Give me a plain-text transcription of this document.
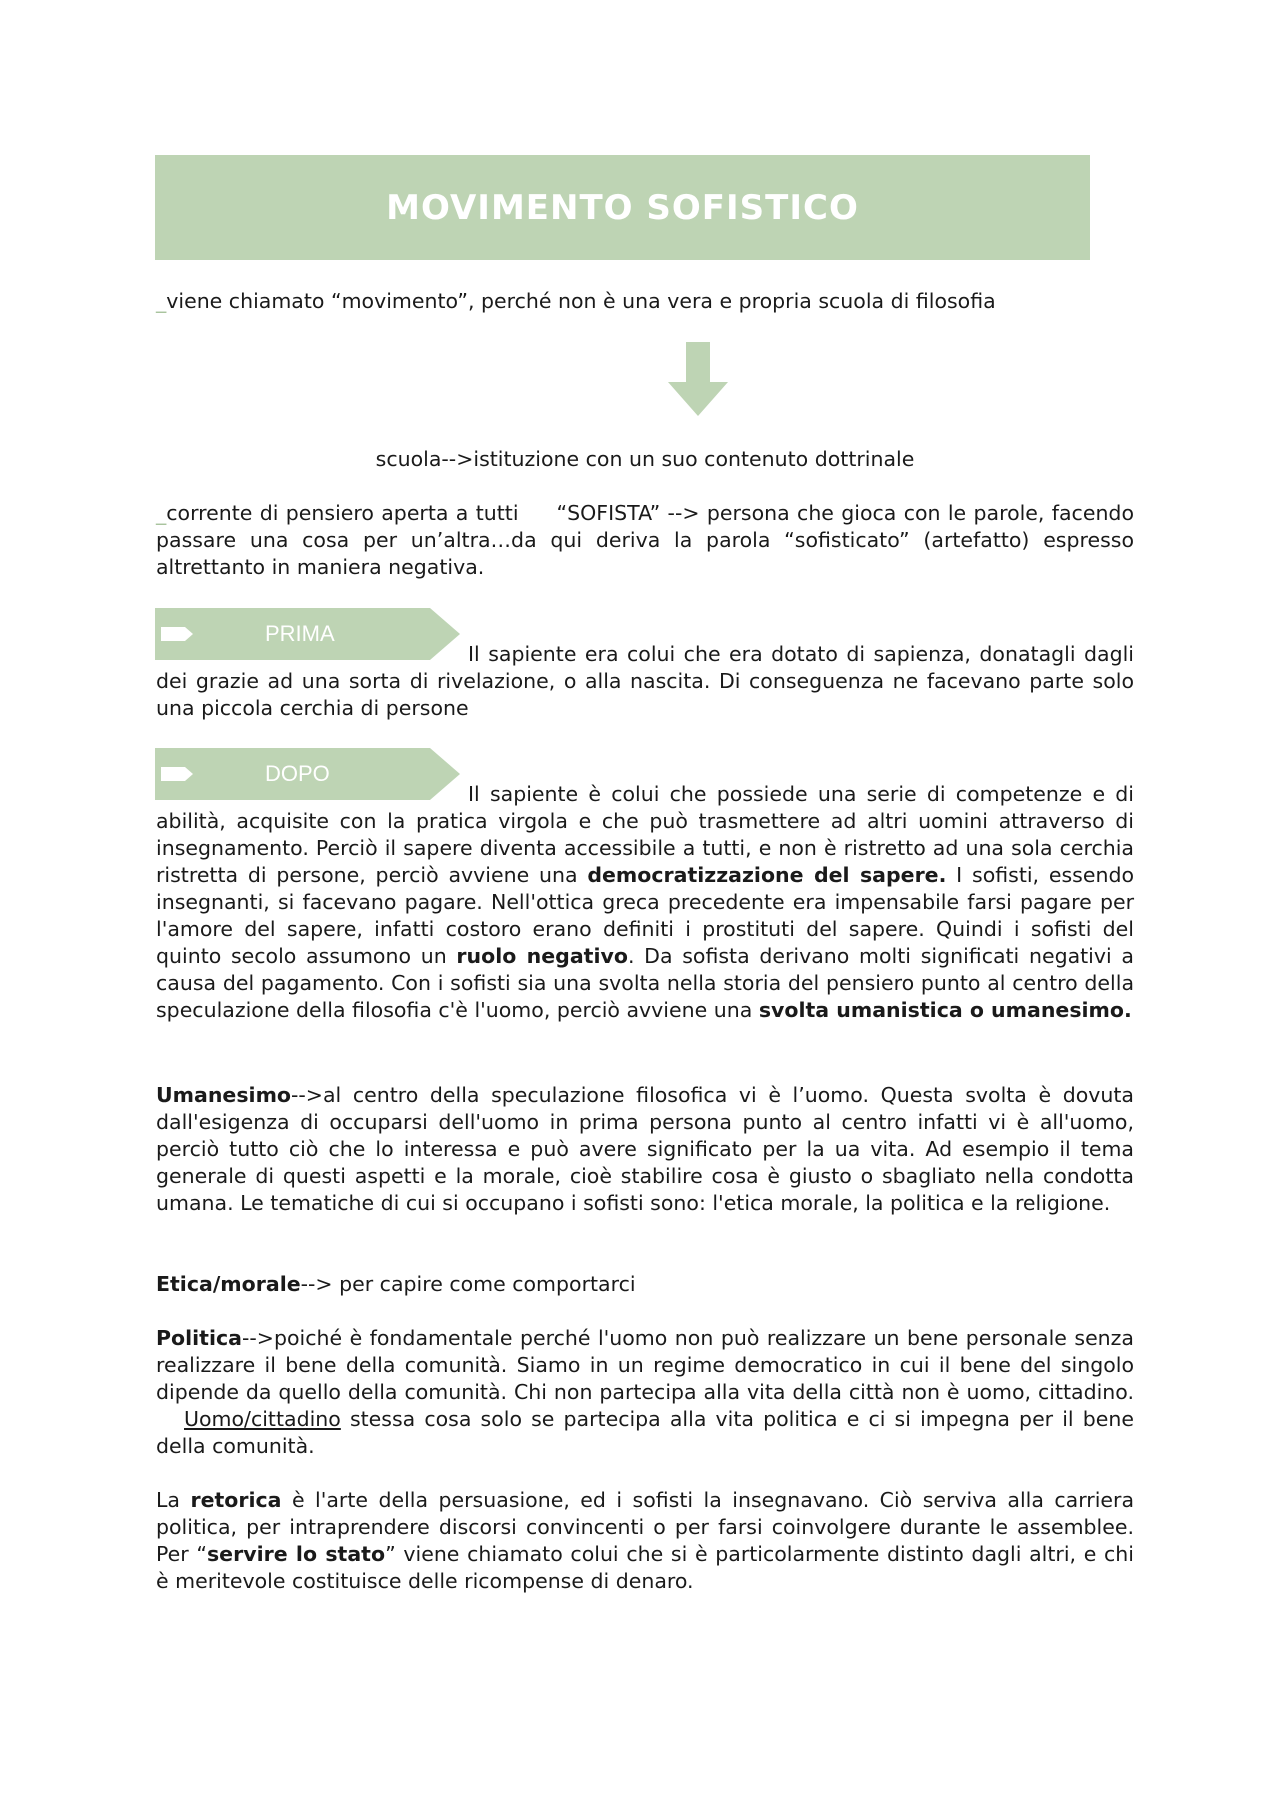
MOVIMENTO SOFISTICO

_viene chiamato “movimento”, perché non è una vera e propria scuola di filosofia

scuola-->istituzione con un suo contenuto dottrinale

_corrente di pensiero aperta a tutti “SOFISTA” --> persona che gioca con le parole, facendo passare una cosa per un’altra…da qui deriva la parola “sofisticato” (artefatto) espresso altrettanto in maniera negativa.

PRIMA

Il sapiente era colui che era dotato di sapienza, donatagli dagli dei grazie ad una sorta di rivelazione, o alla nascita. Di conseguenza ne facevano parte solo una piccola cerchia di persone

DOPO

Il sapiente è colui che possiede una serie di competenze e di abilità, acquisite con la pratica virgola e che può trasmettere ad altri uomini attraverso di insegnamento. Perciò il sapere diventa accessibile a tutti, e non è ristretto ad una sola cerchia ristretta di persone, perciò avviene una democratizzazione del sapere. I sofisti, essendo insegnanti, si facevano pagare. Nell'ottica greca precedente era impensabile farsi pagare per l'amore del sapere, infatti costoro erano definiti i prostituti del sapere. Quindi i sofisti del quinto secolo assumono un ruolo negativo. Da sofista derivano molti significati negativi a causa del pagamento. Con i sofisti sia una svolta nella storia del pensiero punto al centro della speculazione della filosofia c'è l'uomo, perciò avviene una svolta umanistica o umanesimo.

Umanesimo-->al centro della speculazione filosofica vi è l’uomo. Questa svolta è dovuta dall'esigenza di occuparsi dell'uomo in prima persona punto al centro infatti vi è all'uomo, perciò tutto ciò che lo interessa e può avere significato per la ua vita. Ad esempio il tema generale di questi aspetti e la morale, cioè stabilire cosa è giusto o sbagliato nella condotta umana. Le tematiche di cui si occupano i sofisti sono: l'etica morale, la politica e la religione.

Etica/morale--> per capire come comportarci

Politica-->poiché è fondamentale perché l'uomo non può realizzare un bene personale senza realizzare il bene della comunità. Siamo in un regime democratico in cui il bene del singolo dipende da quello della comunità. Chi non partecipa alla vita della città non è uomo, cittadino.Uomo/cittadino stessa cosa solo se partecipa alla vita politica e ci si impegna per il bene della comunità.

La retorica è l'arte della persuasione, ed i sofisti la insegnavano. Ciò serviva alla carriera politica, per intraprendere discorsi convincenti o per farsi coinvolgere durante le assemblee. Per “servire lo stato” viene chiamato colui che si è particolarmente distinto dagli altri, e chi è meritevole costituisce delle ricompense di denaro.
